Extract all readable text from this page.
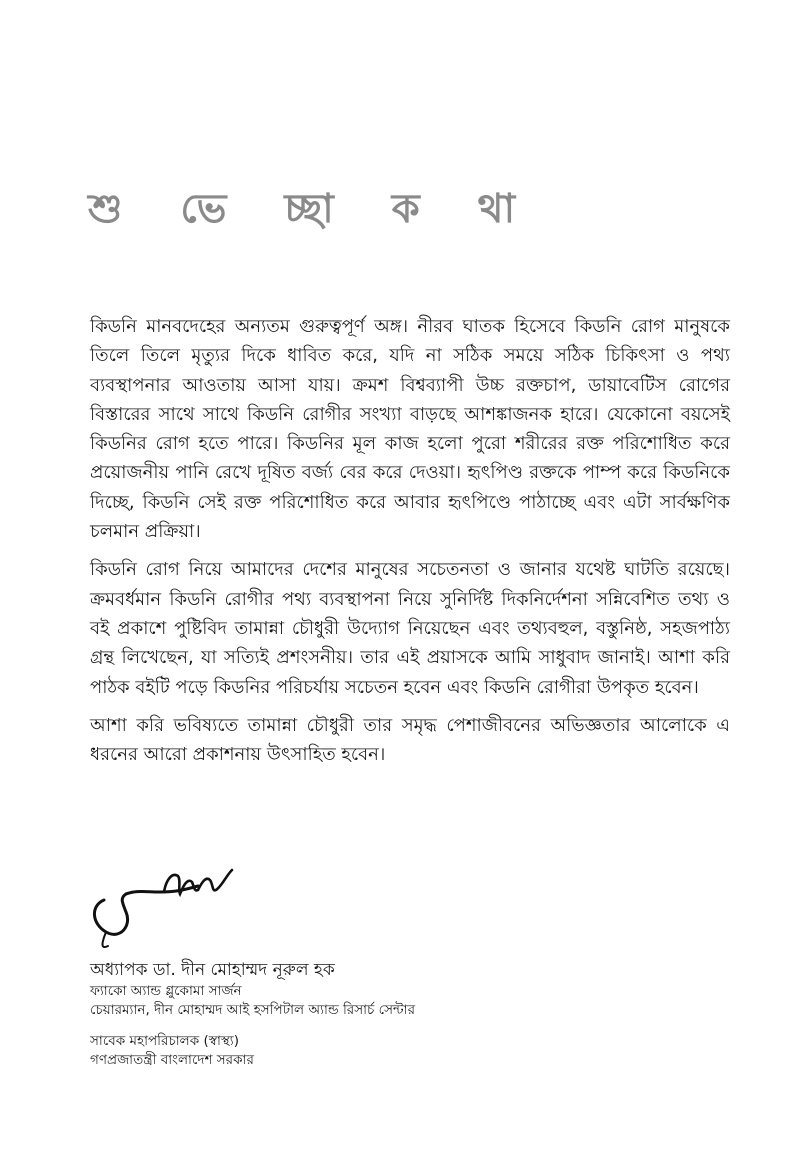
শু ভে চ্ছা ক থা

কিডনি মানবদেহের অন্যতম গুরুত্বপূর্ণ অঙ্গ। নীরব ঘাতক হিসেবে কিডনি রোগ মানুষকে তিলে তিলে মৃত্যুর দিকে ধাবিত করে, যদি না সঠিক সময়ে সঠিক চিকিৎসা ও পথ্য ব্যবস্থাপনার আওতায় আসা যায়। ক্রমশ বিশ্বব্যাপী উচ্চ রক্তচাপ, ডায়াবেটিস রোগের বিস্তারের সাথে সাথে কিডনি রোগীর সংখ্যা বাড়ছে আশঙ্কাজনক হারে। যেকোনো বয়সেই কিডনির রোগ হতে পারে। কিডনির মূল কাজ হলো পুরো শরীরের রক্ত পরিশোধিত করে প্রয়োজনীয় পানি রেখে দূষিত বর্জ্য বের করে দেওয়া। হৃৎপিণ্ড রক্তকে পাম্প করে কিডনিকে দিচ্ছে, কিডনি সেই রক্ত পরিশোধিত করে আবার হৃৎপিণ্ডে পাঠাচ্ছে এবং এটা সার্বক্ষণিক চলমান প্রক্রিয়া।

কিডনি রোগ নিয়ে আমাদের দেশের মানুষের সচেতনতা ও জানার যথেষ্ট ঘাটতি রয়েছে। ক্রমবর্ধমান কিডনি রোগীর পথ্য ব্যবস্থাপনা নিয়ে সুনির্দিষ্ট দিকনির্দেশনা সন্নিবেশিত তথ্য ও বই প্রকাশে পুষ্টিবিদ তামান্না চৌধুরী উদ্যোগ নিয়েছেন এবং তথ্যবহুল, বস্তুনিষ্ঠ, সহজপাঠ্য গ্রন্থ লিখেছেন, যা সত্যিই প্রশংসনীয়। তার এই প্রয়াসকে আমি সাধুবাদ জানাই। আশা করি পাঠক বইটি পড়ে কিডনির পরিচর্যায় সচেতন হবেন এবং কিডনি রোগীরা উপকৃত হবেন।

আশা করি ভবিষ্যতে তামান্না চৌধুরী তার সমৃদ্ধ পেশাজীবনের অভিজ্ঞতার আলোকে এ ধরনের আরো প্রকাশনায় উৎসাহিত হবেন।

অধ্যাপক ডা. দীন মোহাম্মদ নূরুল হক

ফ্যাকো অ্যান্ড গ্লুকোমা সার্জন

চেয়ারম্যান, দীন মোহাম্মদ আই হসপিটাল অ্যান্ড রিসার্চ সেন্টার

সাবেক মহাপরিচালক (স্বাস্থ্য)

গণপ্রজাতন্ত্রী বাংলাদেশ সরকার
